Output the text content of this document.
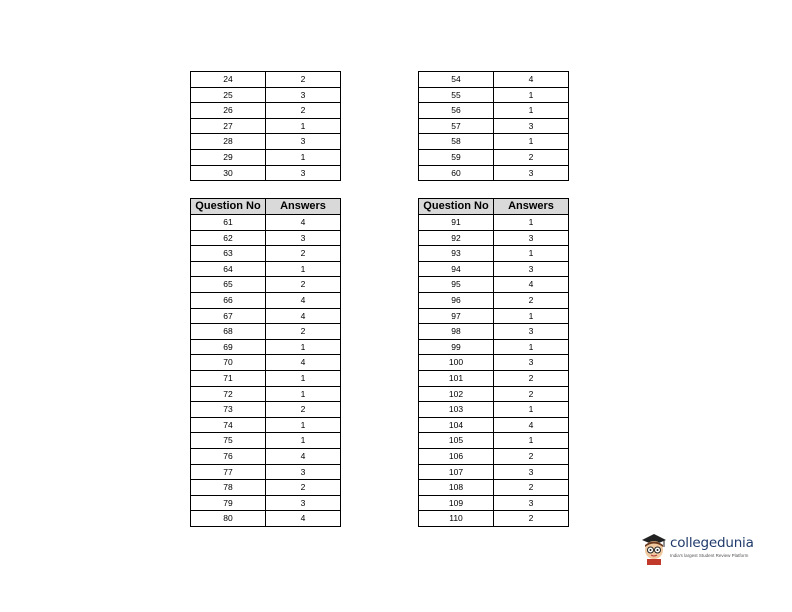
24	2
25	3
26	2
27	1
28	3
29	1
30	3
54	4
55	1
56	1
57	3
58	1
59	2
60	3
Question No	Answers
61	4
62	3
63	2
64	1
65	2
66	4
67	4
68	2
69	1
70	4
71	1
72	1
73	2
74	1
75	1
76	4
77	3
78	2
79	3
80	4
Question No	Answers
91	1
92	3
93	1
94	3
95	4
96	2
97	1
98	3
99	1
100	3
101	2
102	2
103	1
104	4
105	1
106	2
107	3
108	2
109	3
110	2
collegedunia
India's largest Student Review Platform
